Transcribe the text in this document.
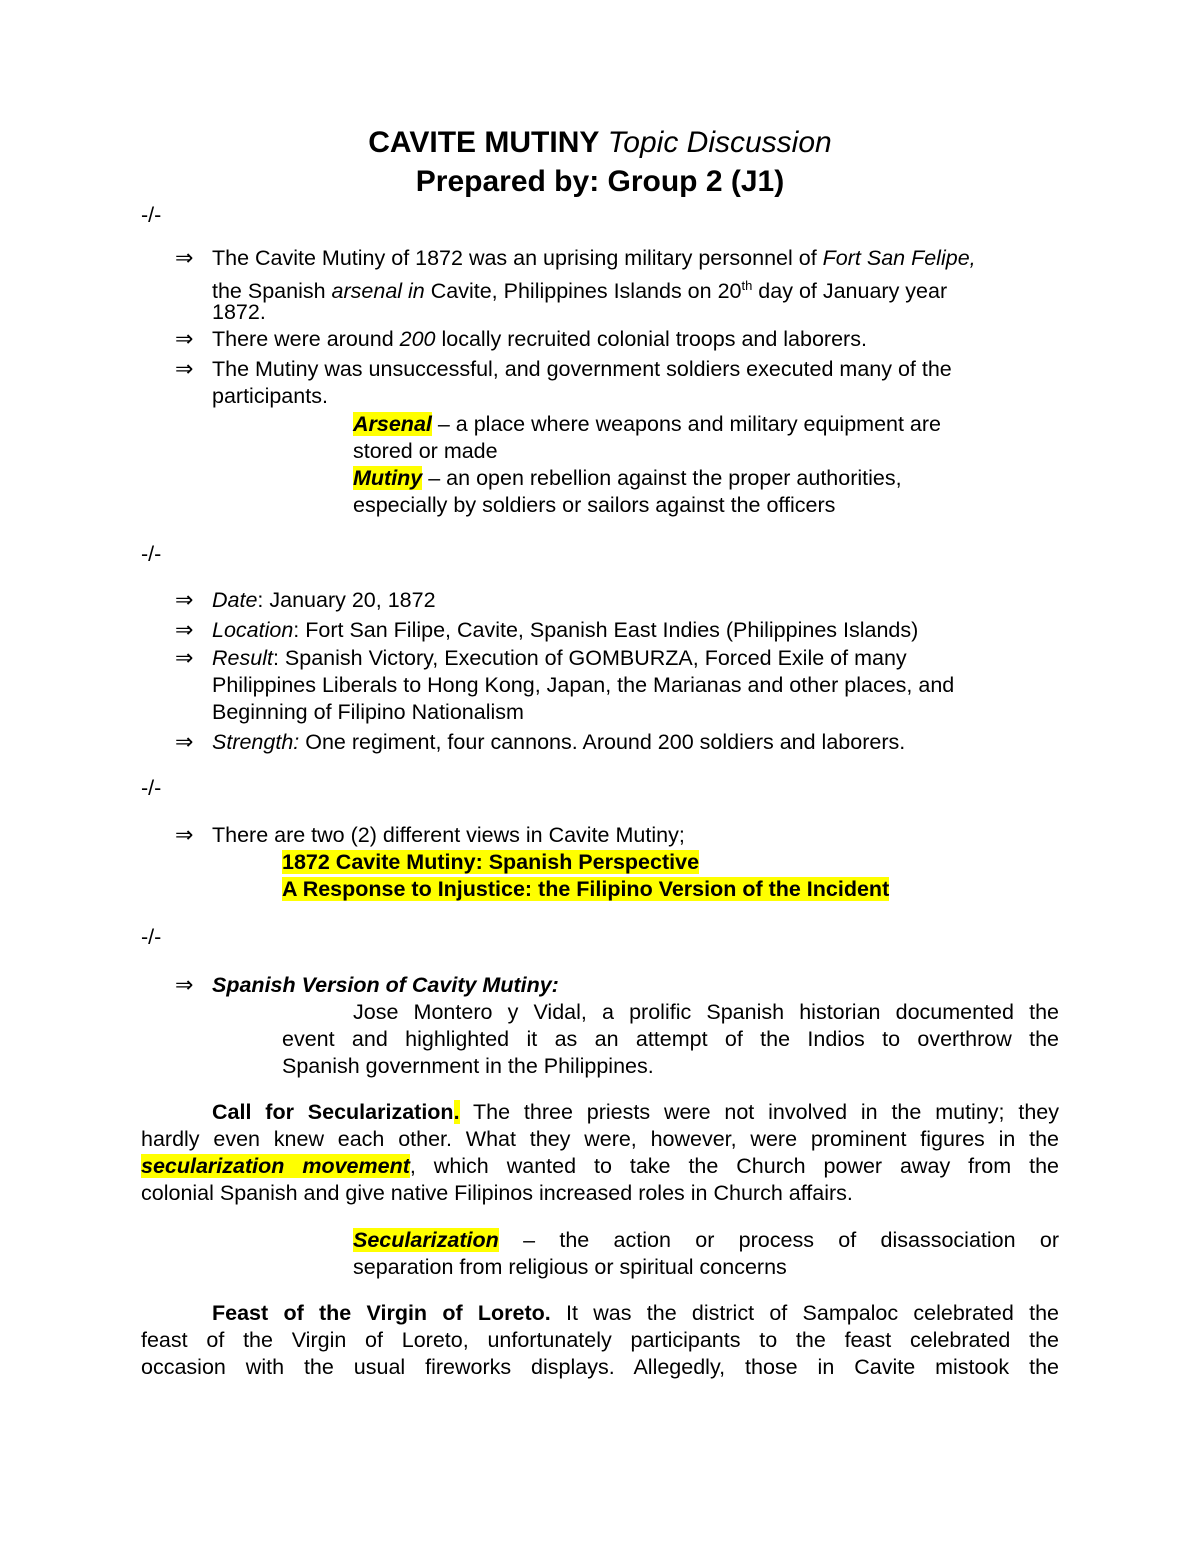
CAVITE MUTINY Topic Discussion
Prepared by: Group 2 (J1)
-/-
⇒ The Cavite Mutiny of 1872 was an uprising military personnel of Fort San Felipe,
the Spanish arsenal in Cavite, Philippines Islands on 20th day of January year
1872.
⇒ There were around 200 locally recruited colonial troops and laborers.
⇒ The Mutiny was unsuccessful, and government soldiers executed many of the
participants.
Arsenal – a place where weapons and military equipment are
stored or made
Mutiny – an open rebellion against the proper authorities,
especially by soldiers or sailors against the officers
-/-
⇒ Date: January 20, 1872
⇒ Location: Fort San Filipe, Cavite, Spanish East Indies (Philippines Islands)
⇒ Result: Spanish Victory, Execution of GOMBURZA, Forced Exile of many
Philippines Liberals to Hong Kong, Japan, the Marianas and other places, and
Beginning of Filipino Nationalism
⇒ Strength: One regiment, four cannons. Around 200 soldiers and laborers.
-/-
⇒ There are two (2) different views in Cavite Mutiny;
1872 Cavite Mutiny: Spanish Perspective
A Response to Injustice: the Filipino Version of the Incident
-/-
⇒ Spanish Version of Cavity Mutiny:
Jose Montero y Vidal, a prolific Spanish historian documented the
event and highlighted it as an attempt of the Indios to overthrow the
Spanish government in the Philippines.
Call for Secularization. The three priests were not involved in the mutiny; they
hardly even knew each other. What they were, however, were prominent figures in the
secularization movement, which wanted to take the Church power away from the
colonial Spanish and give native Filipinos increased roles in Church affairs.
Secularization – the action or process of disassociation or
separation from religious or spiritual concerns
Feast of the Virgin of Loreto. It was the district of Sampaloc celebrated the
feast of the Virgin of Loreto, unfortunately participants to the feast celebrated the
occasion with the usual fireworks displays. Allegedly, those in Cavite mistook the
